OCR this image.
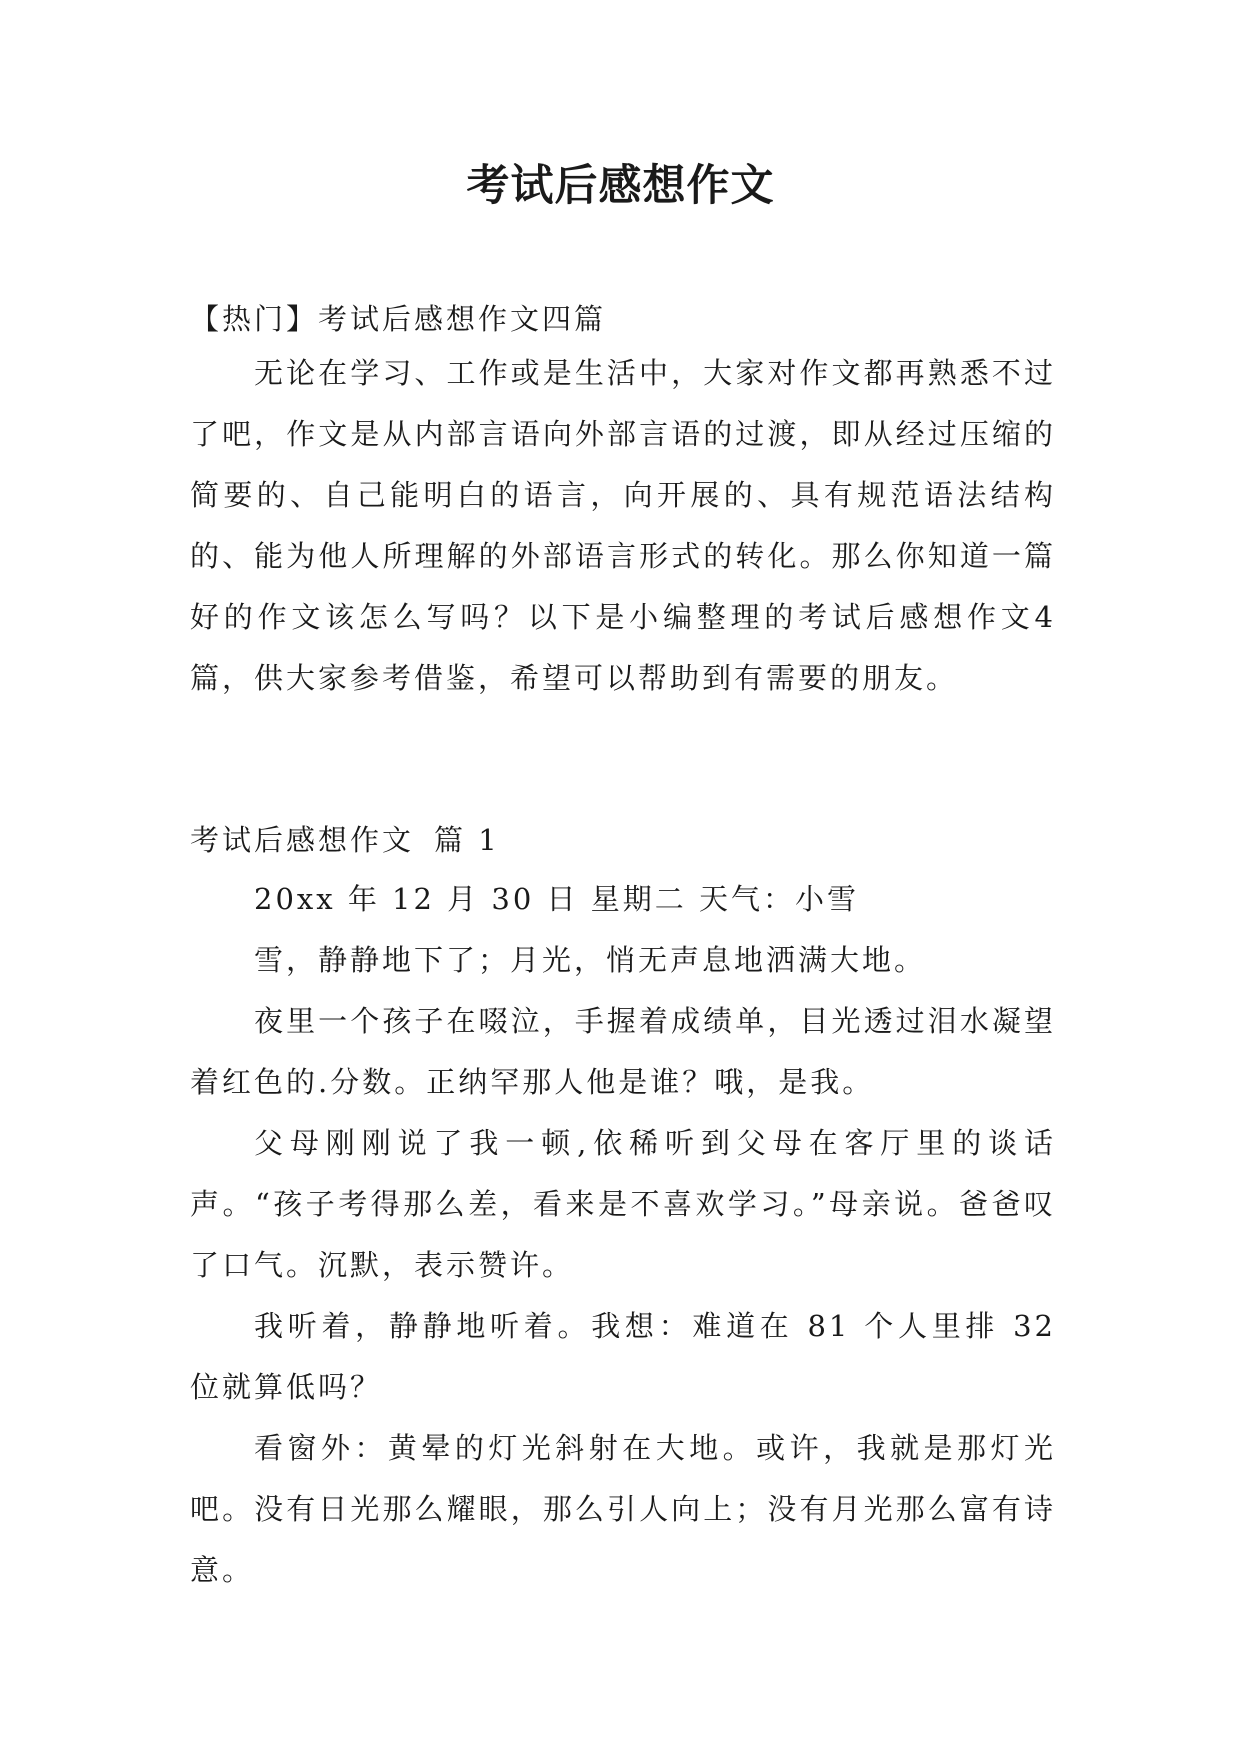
考试后感想作文

【热门】考试后感想作文四篇

无论在学习、工作或是生活中，大家对作文都再熟悉不过了吧，作文是从内部言语向外部言语的过渡，即从经过压缩的简要的、自己能明白的语言，向开展的、具有规范语法结构的、能为他人所理解的外部语言形式的转化。那么你知道一篇好的作文该怎么写吗？以下是小编整理的考试后感想作文4篇，供大家参考借鉴，希望可以帮助到有需要的朋友。

考试后感想作文 篇 1

20xx 年 12 月 30 日 星期二 天气：小雪

雪，静静地下了；月光，悄无声息地洒满大地。

夜里一个孩子在啜泣，手握着成绩单，目光透过泪水凝望着红色的.分数。正纳罕那人他是谁？哦，是我。

父母刚刚说了我一顿,依稀听到父母在客厅里的谈话声。“孩子考得那么差，看来是不喜欢学习。”母亲说。爸爸叹了口气。沉默，表示赞许。

我听着，静静地听着。我想：难道在 81 个人里排 32 位就算低吗？

看窗外：黄晕的灯光斜射在大地。或许，我就是那灯光吧。没有日光那么耀眼，那么引人向上；没有月光那么富有诗意。
